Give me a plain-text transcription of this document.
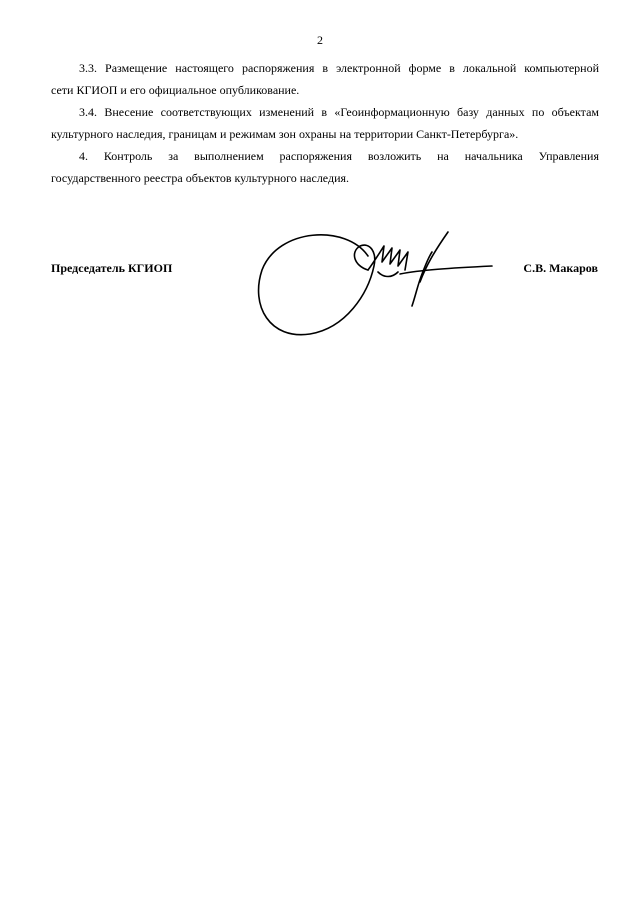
2

3.3. Размещение настоящего распоряжения в электронной форме в локальной компьютерной
сети КГИОП и его официальное опубликование.

3.4. Внесение соответствующих изменений в «Геоинформационную базу данных по объектам
культурного наследия, границам и режимам зон охраны на территории Санкт-Петербурга».

4. Контроль за выполнением распоряжения возложить на начальника Управления
государственного реестра объектов культурного наследия.

Председатель КГИОП	С.В. Макаров
